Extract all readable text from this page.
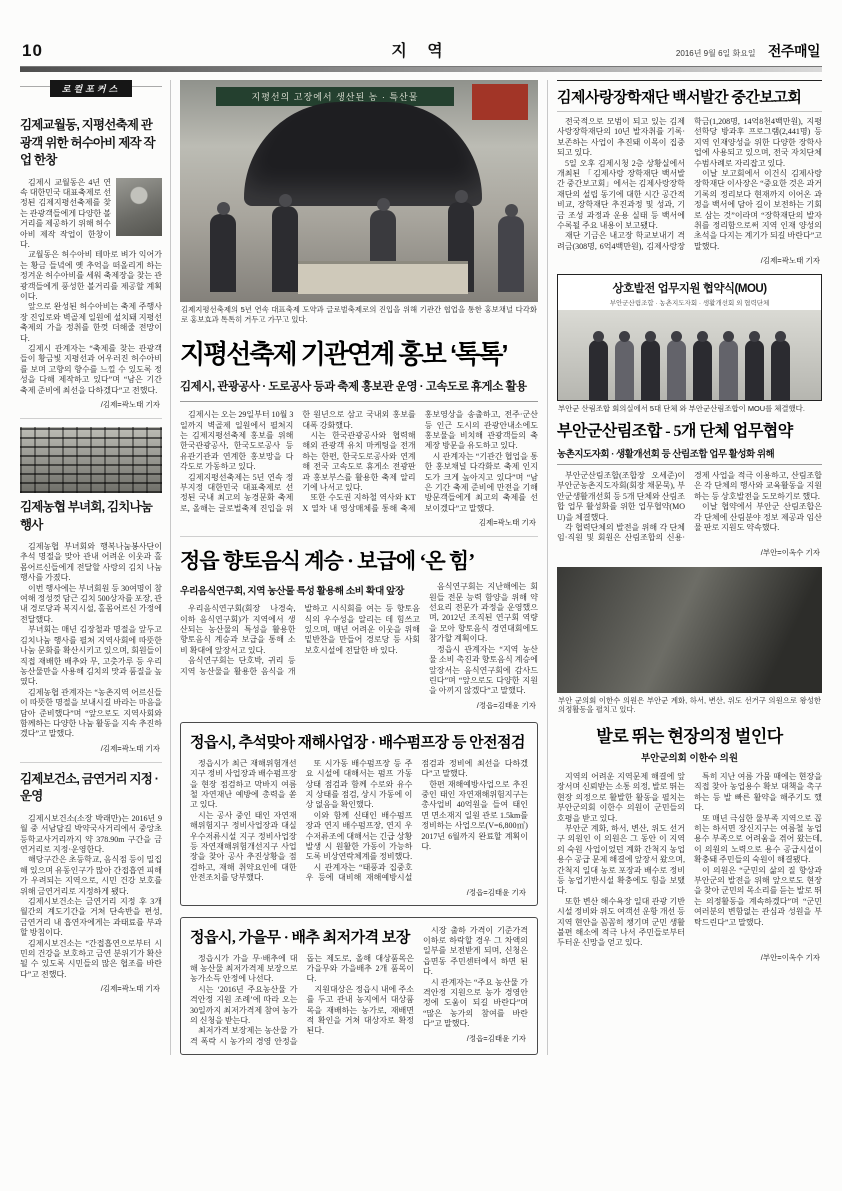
10	지 역	2016년 9월 6일 화요일 전주매일
로컬포커스
김제교월동, 지평선축제 관광객 위한 허수아비 제작 작업 한창

김제시 교월동은 4년 연속 대한민국 대표축제로 선정된 김제지평선축제를 찾는 관광객들에게 다양한 볼거리를 제공하기 위해 허수아비 제작 작업이 한창이다.

교월동은 허수아비 테마로 벼가 익어가는 황금 들녘에 옛 추억을 떠올리게 하는 정겨운 허수아비를 세워 축제장을 찾는 관광객들에게 풍성한 볼거리를 제공할 계획이다.

앞으로 완성된 허수아비는 축제 주행사장 진입로와 벽골제 일원에 설치돼 지평선축제의 가을 정취를 한껏 더해줄 전망이다.

김제시 관계자는 “축제를 찾는 관광객들이 황금빛 지평선과 어우러진 허수아비를 보며 고향의 향수를 느낄 수 있도록 정성을 다해 제작하고 있다”며 “남은 기간 축제 준비에 최선을 다하겠다”고 전했다.

/김제=곽노태 기자
김제농협 부녀회, 김치나눔 행사

김제농협 부녀회와 행복나눔봉사단이 추석 명절을 맞아 관내 어려운 이웃과 홀몸어르신들에게 전달할 사랑의 김치 나눔 행사를 가졌다.

이번 행사에는 부녀회원 등 30여명이 참여해 정성껏 담근 김치 500상자를 포장, 관내 경로당과 복지시설, 홀몸어르신 가정에 전달했다.

부녀회는 매년 김장철과 명절을 앞두고 김치나눔 행사를 펼쳐 지역사회에 따뜻한 나눔 문화를 확산시키고 있으며, 회원들이 직접 재배한 배추와 무, 고춧가루 등 우리 농산물만을 사용해 김치의 맛과 품질을 높였다.

김제농협 관계자는 “농촌지역 어르신들이 따뜻한 명절을 보내시길 바라는 마음을 담아 준비했다”며 “앞으로도 지역사회와 함께하는 다양한 나눔 활동을 지속 추진하겠다”고 말했다.

/김제=곽노태 기자
김제보건소, 금연거리 지정 · 운영

김제시보건소(소장 박래만)는 2016년 9월 중 서남담길 박약국사거리에서 중앙초등학교사거리까지 약 378.90m 구간을 금연거리로 지정·운영한다.

해당구간은 초등학교, 음식점 등이 밀집해 있으며 유동인구가 많아 간접흡연 피해가 우려되는 지역으로, 시민 건강 보호를 위해 금연거리로 지정하게 됐다.

김제시보건소는 금연거리 지정 후 3개월간의 계도기간을 거쳐 단속반을 편성, 금연거리 내 흡연자에게는 과태료를 부과할 방침이다.

김제시보건소는 “간접흡연으로부터 시민의 건강을 보호하고 금연 분위기가 확산될 수 있도록 시민들의 많은 협조를 바란다”고 전했다.

/김제=곽노태 기자
지평선의 고장에서 생산된 농 · 특산물
김제지평선축제의 5년 연속 대표축제 도약과 글로벌축제로의 진입을 위해 기관간 협업을 통한 홍보채널 다각화로 홍보효과 톡톡히 거두고 가꾸고 있다.
지평선축제 기관연계 홍보 ‘톡톡’
김제시, 관광공사 · 도로공사 등과 축제 홍보관 운영 · 고속도로 휴게소 활용

김제시는 오는 29일부터 10월 3일까지 벽골제 일원에서 펼쳐지는 김제지평선축제 홍보를 위해 한국관광공사, 한국도로공사 등 유관기관과 연계한 홍보망을 다각도로 가동하고 있다.

김제지평선축제는 5년 연속 정부지정 대한민국 대표축제로 선정된 국내 최고의 농경문화 축제로, 올해는 글로벌축제 진입을 위한 원년으로 삼고 국내외 홍보를 대폭 강화했다.

시는 한국관광공사와 협력해 해외 관광객 유치 마케팅을 전개하는 한편, 한국도로공사와 연계해 전국 고속도로 휴게소 전광판과 홍보부스를 활용한 축제 알리기에 나서고 있다.

또한 수도권 지하철 역사와 KTX 열차 내 영상매체를 통해 축제 홍보영상을 송출하고, 전주·군산 등 인근 도시의 관광안내소에도 홍보물을 비치해 관광객들의 축제장 방문을 유도하고 있다.

시 관계자는 “기관간 협업을 통한 홍보채널 다각화로 축제 인지도가 크게 높아지고 있다”며 “남은 기간 축제 준비에 만전을 기해 방문객들에게 최고의 축제를 선보이겠다”고 말했다.

김제=곽노태 기자
정읍 향토음식 계승 · 보급에 ‘온 힘’
우리음식연구회, 지역 농산물 특성 활용해 소비 확대 앞장

우리음식연구회(회장 나경숙, 이하 음식연구회)가 지역에서 생산되는 농산물의 특성을 활용한 향토음식 계승과 보급을 통해 소비 확대에 앞장서고 있다.

음식연구회는 단호박, 귀리 등 지역 농산물을 활용한 음식을 개발하고 시식회를 여는 등 향토음식의 우수성을 알리는 데 힘쓰고 있으며, 매년 어려운 이웃을 위해 밑반찬을 만들어 경로당 등 사회보호시설에 전달한 바 있다.

음식연구회는 지난해에는 회원들 전문 능력 함양을 위해 약선요리 전문가 과정을 운영했으며, 2012년 조직된 연구회 역량을 모아 향토음식 경연대회에도 참가할 계획이다.

정읍시 관계자는 “지역 농산물 소비 촉진과 향토음식 계승에 앞장서는 음식연구회에 감사드린다”며 “앞으로도 다양한 지원을 아끼지 않겠다”고 말했다.

/정읍=김태윤 기자
정읍시, 추석맞아 재해사업장 · 배수펌프장 등 안전점검

정읍시가 최근 재해위험개선지구 정비 사업장과 배수펌프장을 현장 점검하고 막바지 여름철 자연재난 예방에 총력을 쏟고 있다.

시는 공사 중인 태인 자연재해위험지구 정비사업장과 대실 우수저류시설 지구 정비사업장 등 자연재해위험개선지구 사업장을 찾아 공사 추진상황을 점검하고, 재해 취약요인에 대한 안전조치를 당부했다.

또 시가동 배수펌프장 등 주요 시설에 대해서는 펌프 가동 상태 점검과 함께 수로와 유수지 상태를 점검, 상시 가동에 이상 없음을 확인했다.

이와 함께 신태인 배수펌프장과 연지 배수펌프장, 연지 우수저류조에 대해서는 긴급 상황 발생 시 원활한 가동이 가능하도록 비상연락체계를 정비했다.

시 관계자는 “태풍과 집중호우 등에 대비해 재해예방시설 점검과 정비에 최선을 다하겠다”고 말했다.

한편 재해예방사업으로 추진 중인 태인 자연재해위험지구는 총사업비 40억원을 들여 태인면 면소재지 일원 관로 1.5km를 정비하는 사업으로(V=6,800㎥) 2017년 6월까지 완료할 계획이다.

/정읍=김태윤 기자
정읍시, 가을무 · 배추 최저가격 보장

정읍시가 가을 무·배추에 대해 농산물 최저가격제 보장으로 농가소득 안정에 나선다.

시는 ‘2016년 주요농산물 가격안정 지원 조례’에 따라 오는 30일까지 최저가격제 참여 농가의 신청을 받는다.

최저가격 보장제는 농산물 가격 폭락 시 농가의 경영 안정을 돕는 제도로, 올해 대상품목은 가을무와 가을배추 2개 품목이다.

지원대상은 정읍시 내에 주소를 두고 관내 농지에서 대상품목을 재배하는 농가로, 재배면적 확인을 거쳐 대상자로 확정된다.

시장 출하 가격이 기준가격 이하로 하락할 경우 그 차액의 일부를 보전받게 되며, 신청은 읍면동 주민센터에서 하면 된다.

시 관계자는 “주요 농산물 가격안정 지원으로 농가 경영안정에 도움이 되길 바란다”며 “많은 농가의 참여를 바란다”고 말했다.

/정읍=김태윤 기자
김제사랑장학재단 백서발간 중간보고회

전국적으로 모범이 되고 있는 김제사랑장학재단의 10년 발자취를 기록·보존하는 사업이 추진돼 이목이 집중되고 있다.

5일 오후 김제시청 2층 상황실에서 개최된 「김제사랑 장학재단 백서발간 중간보고회」에서는 김제사랑장학재단의 설립 동기에 대한 시간 공간적 비교, 장학재단 추진과정 및 성과, 기금 조성 과정과 운용 실태 등 백서에 수록될 주요 내용이 보고됐다.

재단 기금은 내고장 학교보내기 격려금(308명, 6억4백만원), 김제사랑장학금(1,208명, 14억8천4백만원), 지평선학당 방과후 프로그램(2,441명) 등 지역 인재양성을 위한 다양한 장학사업에 사용되고 있으며, 전국 자치단체 수범사례로 자리잡고 있다.

이날 보고회에서 이건식 김제사랑장학재단 이사장은 “중요한 것은 과거 기록의 정리보다 현재까지 이어온 과정을 백서에 담아 길이 보전하는 기회로 삼는 것”이라며 “장학재단의 발자취를 정리함으로써 지역 인재 양성의 초석을 다지는 계기가 되길 바란다”고 말했다.

/김제=곽노태 기자
상호발전 업무지원 협약식(MOU)
부안군산림조합 · 농촌지도자회 · 생활개선회 외 협력단체
부안군 산림조합 회의실에서 5대 단체 와 부안군산림조합이 MOU를 체결했다.
부안군산림조합 - 5개 단체 업무협약
농촌지도자회 · 생활개선회 등 산림조합 업무 활성화 위해

부안군산림조합(조합장 오세준)이 부안군농촌지도자회(회장 채문묵), 부안군생활개선회 등 5개 단체와 산림조합 업무 활성화를 위한 업무협약(MOU)을 체결했다.

각 협력단체의 발전을 위해 각 단체 임·직원 및 회원은 산림조합의 신용·경제 사업을 적극 이용하고, 산림조합은 각 단체의 행사와 교육활동을 지원하는 등 상호발전을 도모하기로 했다.

이날 협약에서 부안군 산림조합은 각 단체에 산림분야 정보 제공과 임산물 판로 지원도 약속했다.

/부안=이옥수 기자
부안 군의회 이한수 의원은 부안군 계화, 하서, 변산, 위도 선거구 의원으로 왕성한 의정활동을 펼치고 있다.
발로 뛰는 현장의정 벌인다
부안군의회 이한수 의원

지역의 어려운 지역문제 해결에 앞장서며 신뢰받는 소통 의정, 발로 뛰는 현장 의정으로 활발한 활동을 펼치는 부안군의회 이한수 의원이 군민들의 호평을 받고 있다.

부안군 계화, 하서, 변산, 위도 선거구 의원인 이 의원은 그 동안 이 지역의 숙원 사업이었던 계화 간척지 농업용수 공급 문제 해결에 앞장서 왔으며, 간척지 일대 농로 포장과 배수로 정비 등 농업기반시설 확충에도 힘을 보탰다.

또한 변산 해수욕장 일대 관광 기반시설 정비와 위도 여객선 운항 개선 등 지역 현안을 꼼꼼히 챙기며 군민 생활 불편 해소에 적극 나서 주민들로부터 두터운 신망을 얻고 있다.

특히 지난 여름 가뭄 때에는 현장을 직접 찾아 농업용수 확보 대책을 촉구하는 등 발 빠른 활약을 해주기도 했다.

또 매년 극심한 물부족 지역으로 꼽히는 하서면 장신지구는 여름철 농업용수 부족으로 어려움을 겪어 왔는데, 이 의원의 노력으로 용수 공급시설이 확충돼 주민들의 숙원이 해결됐다.

이 의원은 “군민의 삶의 질 향상과 부안군의 발전을 위해 앞으로도 현장을 찾아 군민의 목소리를 듣는 발로 뛰는 의정활동을 계속하겠다”며 “군민 여러분의 변함없는 관심과 성원을 부탁드린다”고 말했다.

/부안=이옥수 기자
